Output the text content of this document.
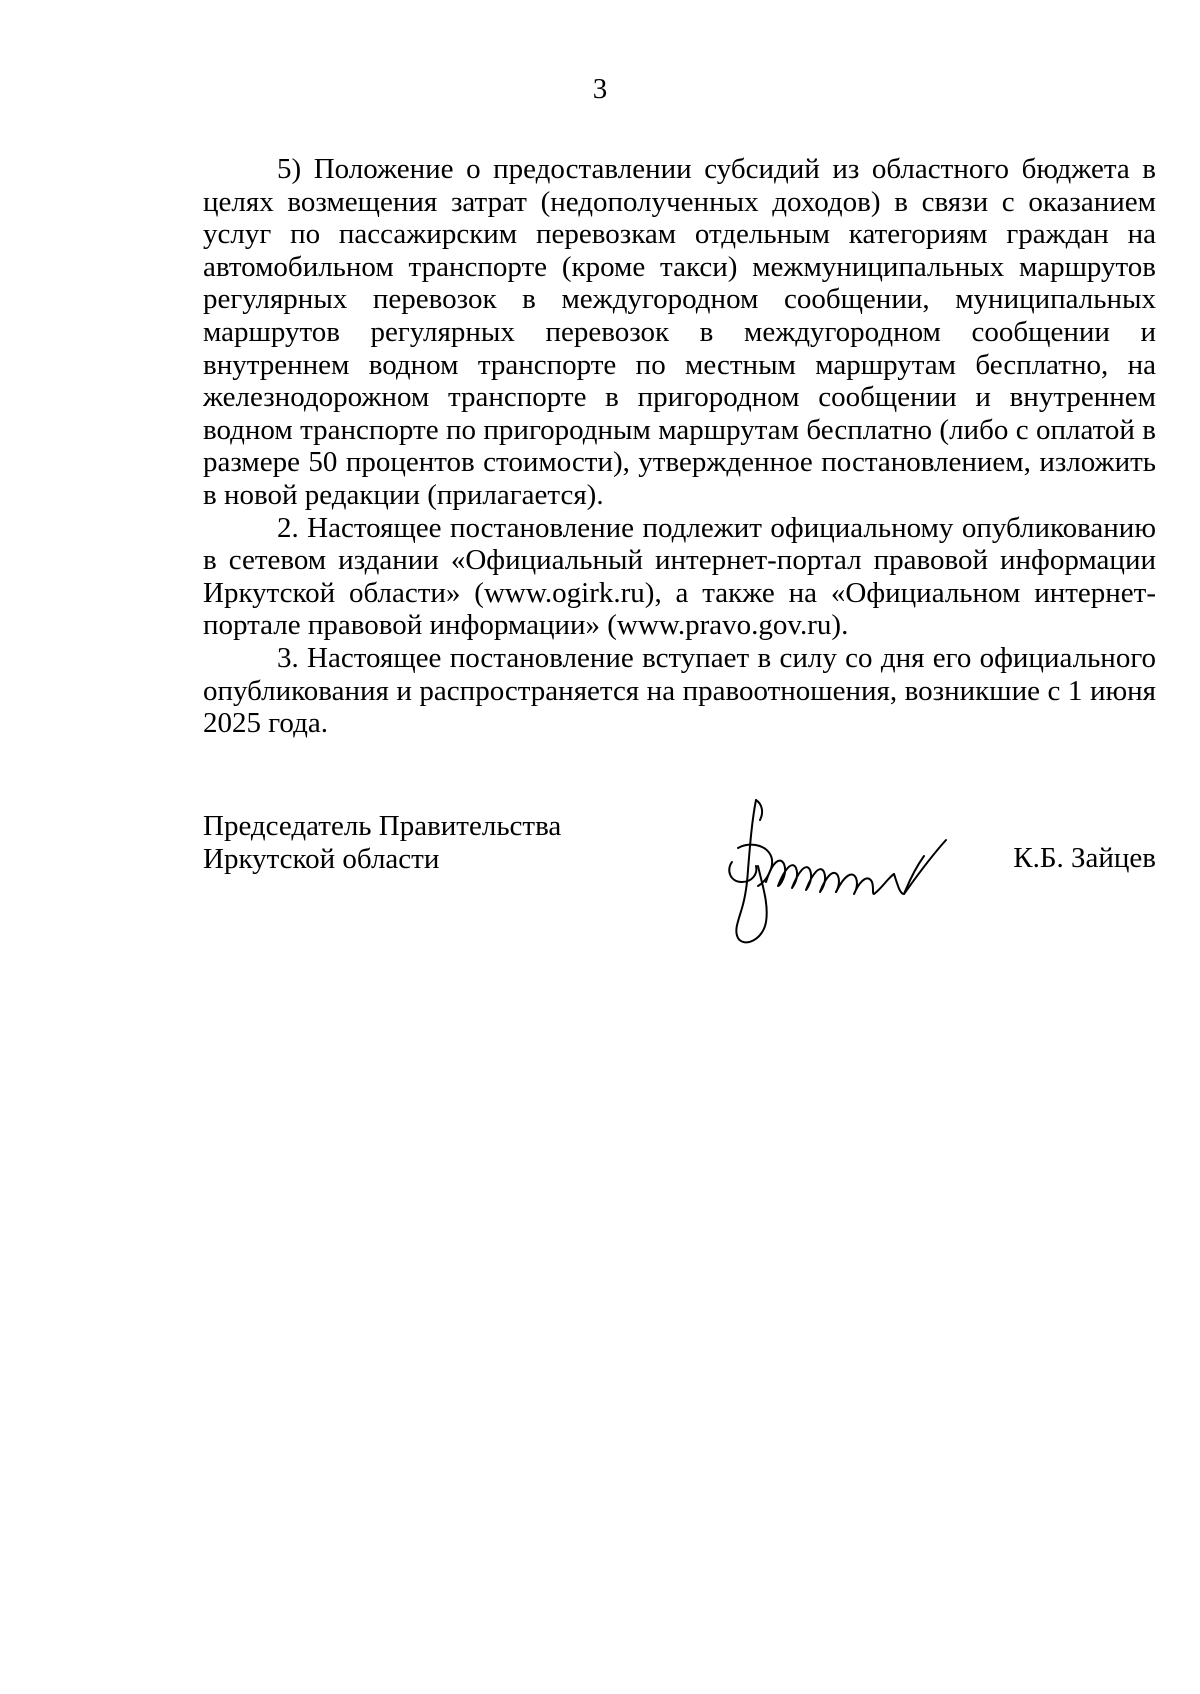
3

5) Положение о предоставлении субсидий из областного бюджета в целях возмещения затрат (недополученных доходов) в связи с оказанием услуг по пассажирским перевозкам отдельным категориям граждан на автомобильном транспорте (кроме такси) межмуниципальных маршрутов регулярных перевозок в междугородном сообщении, муниципальных маршрутов регулярных перевозок в междугородном сообщении и внутреннем водном транспорте по местным маршрутам бесплатно, на железнодорожном транспорте в пригородном сообщении и внутреннем водном транспорте по пригородным маршрутам бесплатно (либо с оплатой в размере 50 процентов стоимости), утвержденное постановлением, изложить в новой редакции (прилагается).

2. Настоящее постановление подлежит официальному опубликованию в сетевом издании «Официальный интернет-портал правовой информации Иркутской области» (www.ogirk.ru), а также на «Официальном интернет-портале правовой информации» (www.pravo.gov.ru).

3. Настоящее постановление вступает в силу со дня его официального опубликования и распространяется на правоотношения, возникшие с 1 июня 2025 года.

Председатель Правительства
Иркутской области	К.Б. Зайцев
